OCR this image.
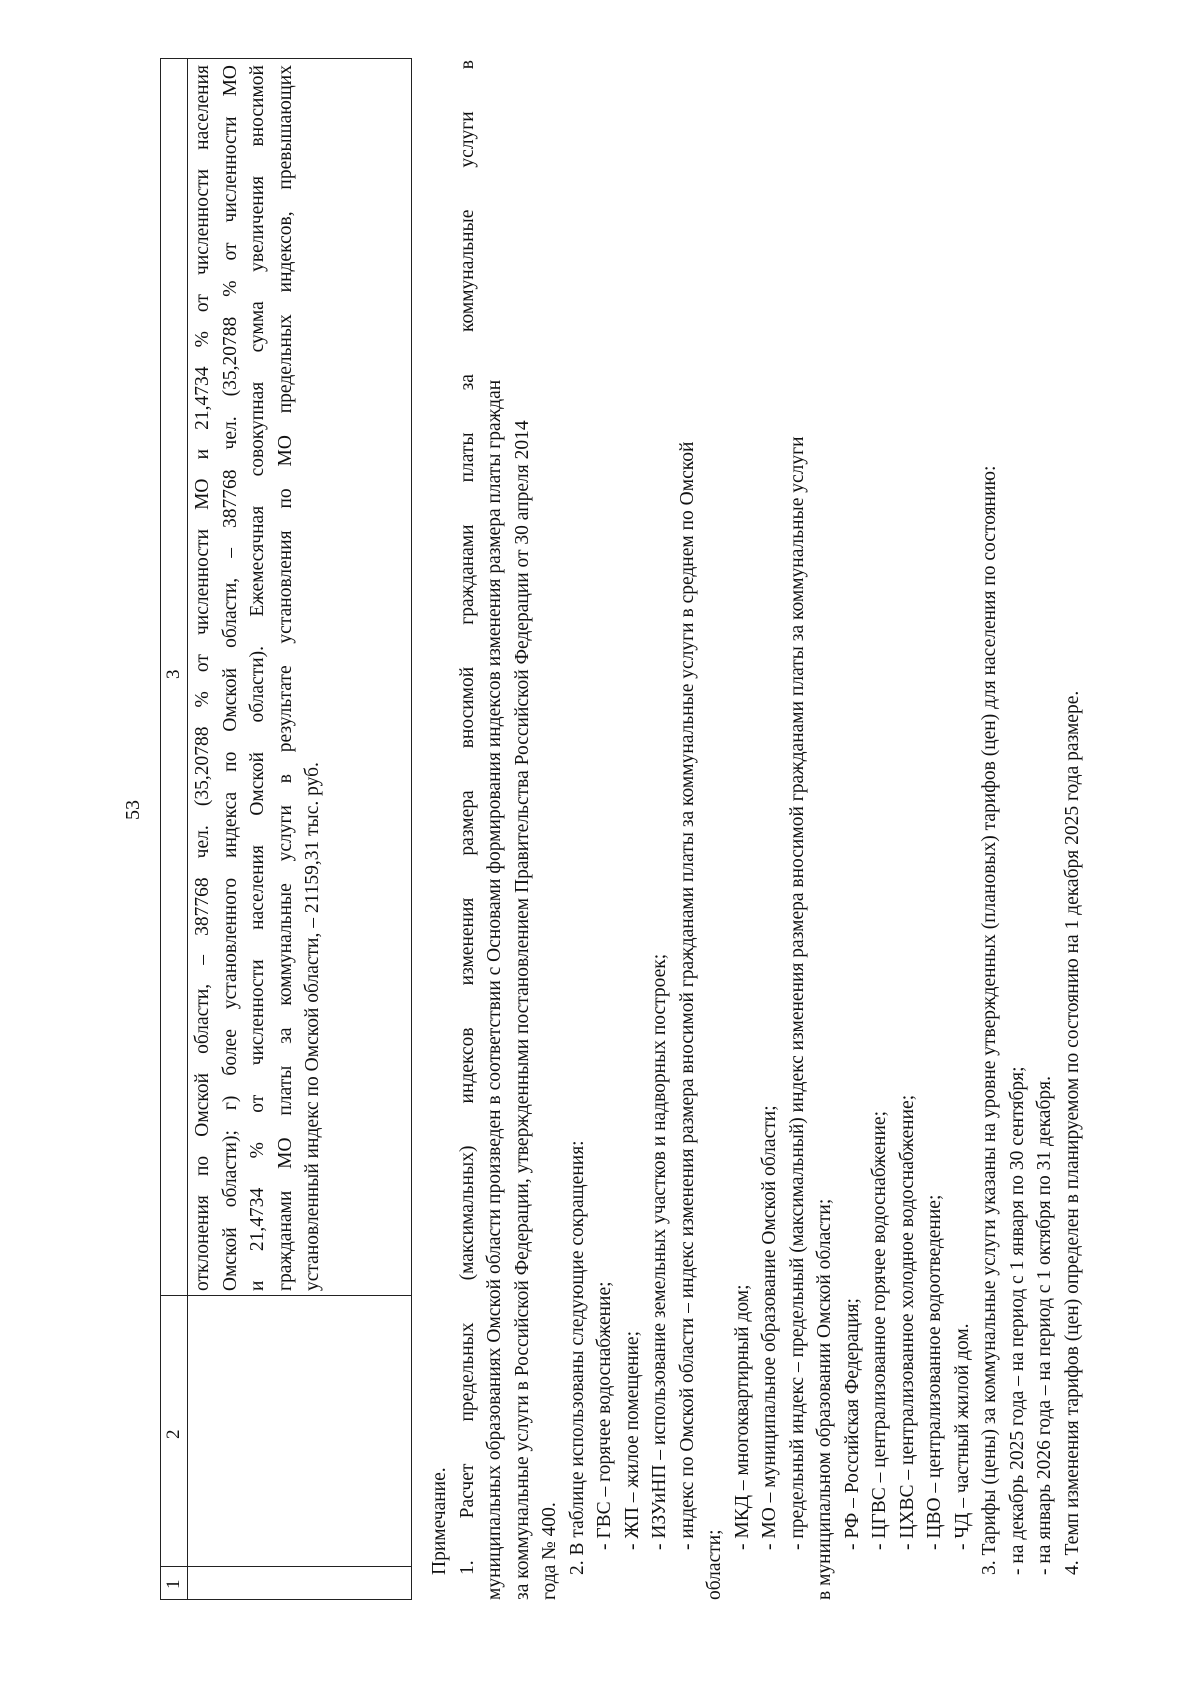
53
1
2
3 отклонения по Омской области, – 387768 чел. (35,20788 % от численности МО и 21,4734 % от численности населения Омской области); г) более установленного индекса по Омской области, – 387768 чел. (35,20788 % от численности МО и 21,4734 % от численности населения Омской области). Ежемесячная совокупная сумма увеличения вносимой гражданами МО платы за коммунальные услуги в результате установления по МО предельных индексов, превышающих установленный индекс по Омской области, – 21159,31 тыс. руб.
Примечание. 1. Расчет предельных (максимальных) индексов изменения размера вносимой гражданами платы за коммунальные услуги в муниципальных образованиях Омской области произведен в соответствии с Основами формирования индексов изменения размера платы граждан за коммунальные услуги в Российской Федерации, утвержденными постановлением Правительства Российской Федерации от 30 апреля 2014 года № 400. 2. В таблице использованы следующие сокращения: - ГВС – горячее водоснабжение; - ЖП – жилое помещение; - ИЗУиНП – использование земельных участков и надворных построек; - индекс по Омской области – индекс изменения размера вносимой гражданами платы за коммунальные услуги в среднем по Омской
области;
- МКД – многоквартирный дом; - МО – муниципальное образование Омской области; - предельный индекс – предельный (максимальный) индекс изменения размера вносимой гражданами платы за коммунальные услуги в муниципальном образовании Омской области; - РФ – Российская Федерация; - ЦГВС – централизованное горячее водоснабжение; - ЦХВС – централизованное холодное водоснабжение; - ЦВО – централизованное водоотведение; - ЧД – частный жилой дом. 3. Тарифы (цены) за коммунальные услуги указаны на уровне утвержденных (плановых) тарифов (цен) для населения по состоянию: - на декабрь 2025 года – на период с 1 января по 30 сентября; - на январь 2026 года – на период с 1 октября по 31 декабря. 4. Темп изменения тарифов (цен) определен в планируемом по состоянию на 1 декабря 2025 года размере.
